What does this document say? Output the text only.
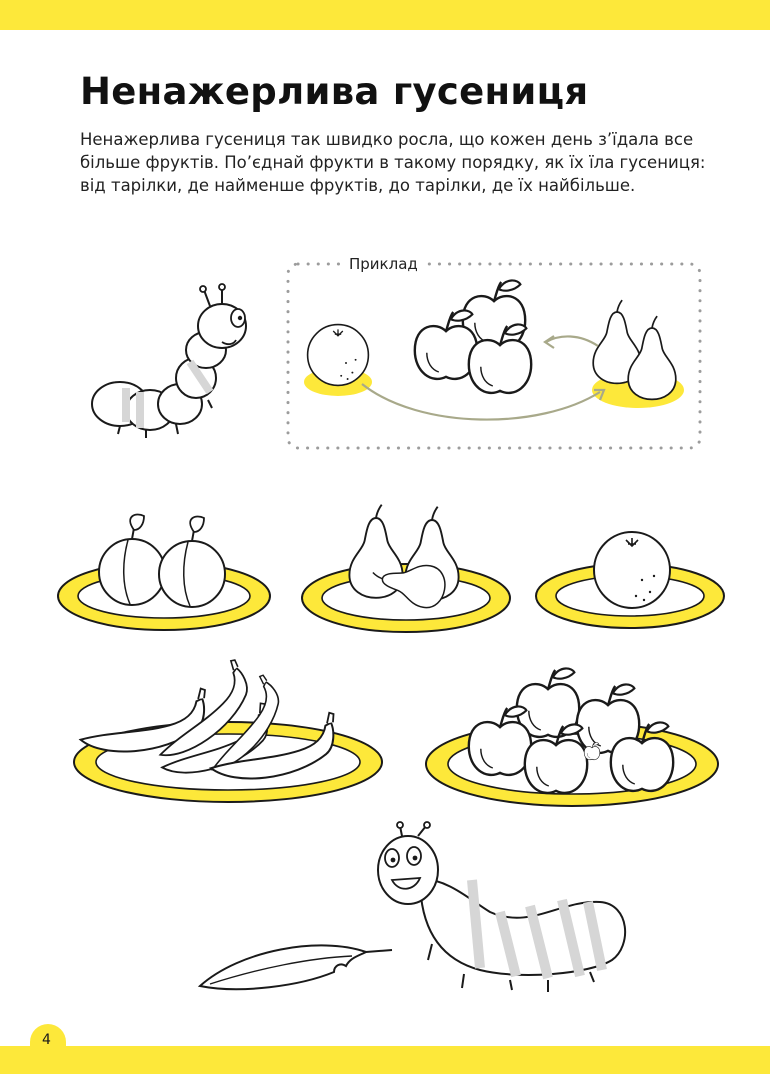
Ненажерлива гусениця

Ненажерлива гусениця так швидко росла, що кожен день з’їдала все більше фруктів. По’єднай фрукти в такому порядку, як їх їла гусениця: від тарілки, де найменше фруктів, до тарілки, де їх найбільше.

Приклад
4
